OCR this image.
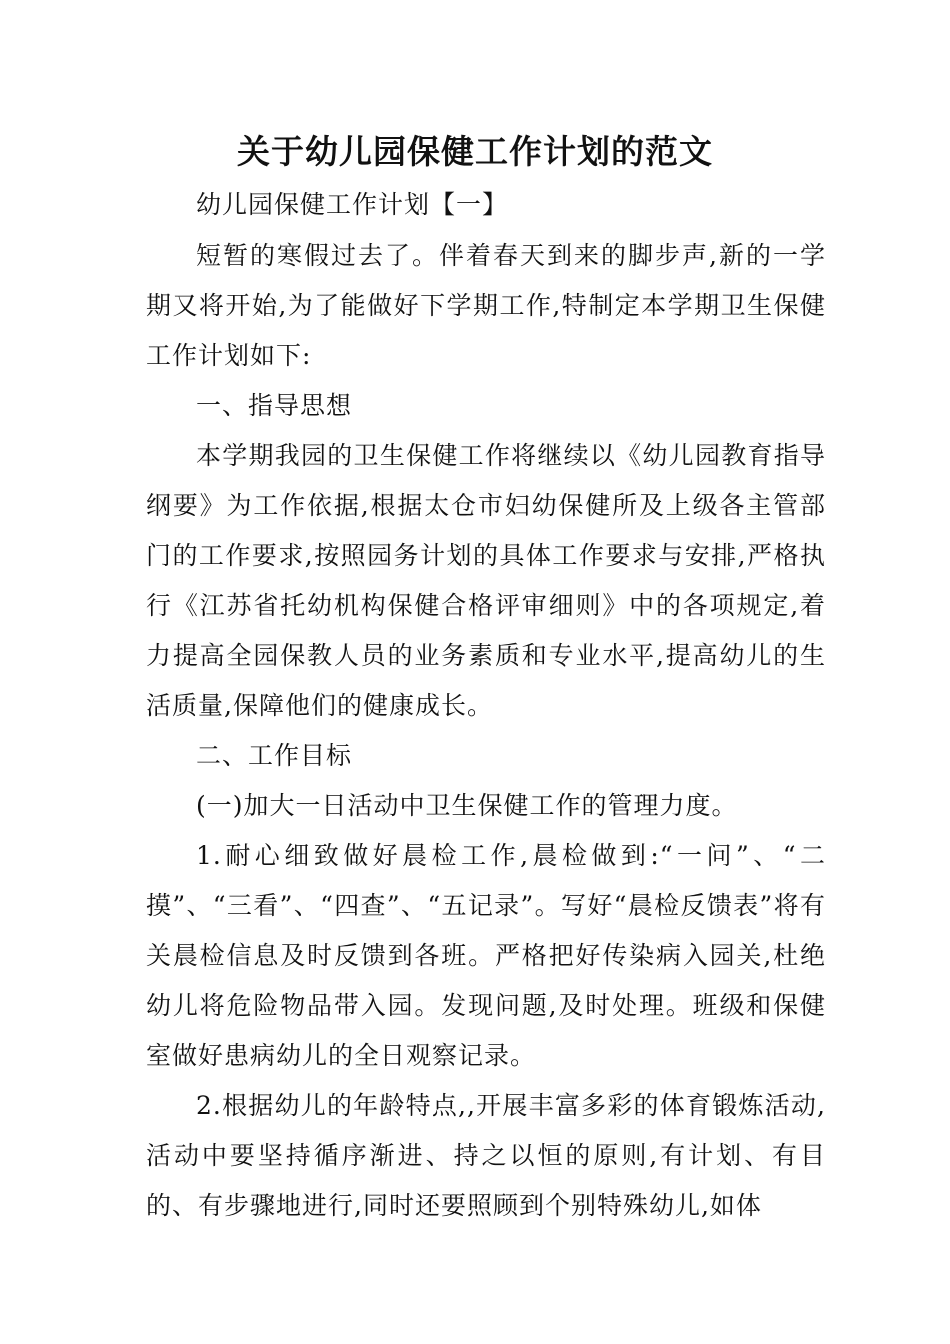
关于幼儿园保健工作计划的范文

幼儿园保健工作计划【一】

短暂的寒假过去了。伴着春天到来的脚步声,新的一学期又将开始,为了能做好下学期工作,特制定本学期卫生保健工作计划如下:

一、指导思想

本学期我园的卫生保健工作将继续以《幼儿园教育指导纲要》为工作依据,根据太仓市妇幼保健所及上级各主管部门的工作要求,按照园务计划的具体工作要求与安排,严格执行《江苏省托幼机构保健合格评审细则》中的各项规定,着力提高全园保教人员的业务素质和专业水平,提高幼儿的生活质量,保障他们的健康成长。

二、工作目标

(一)加大一日活动中卫生保健工作的管理力度。

1.耐心细致做好晨检工作,晨检做到:“一问”、“二摸”、“三看”、“四查”、“五记录”。写好“晨检反馈表”将有关晨检信息及时反馈到各班。严格把好传染病入园关,杜绝幼儿将危险物品带入园。发现问题,及时处理。班级和保健室做好患病幼儿的全日观察记录。

2.根据幼儿的年龄特点,,开展丰富多彩的体育锻炼活动,活动中要坚持循序渐进、持之以恒的原则,有计划、有目的、有步骤地进行,同时还要照顾到个别特殊幼儿,如体
